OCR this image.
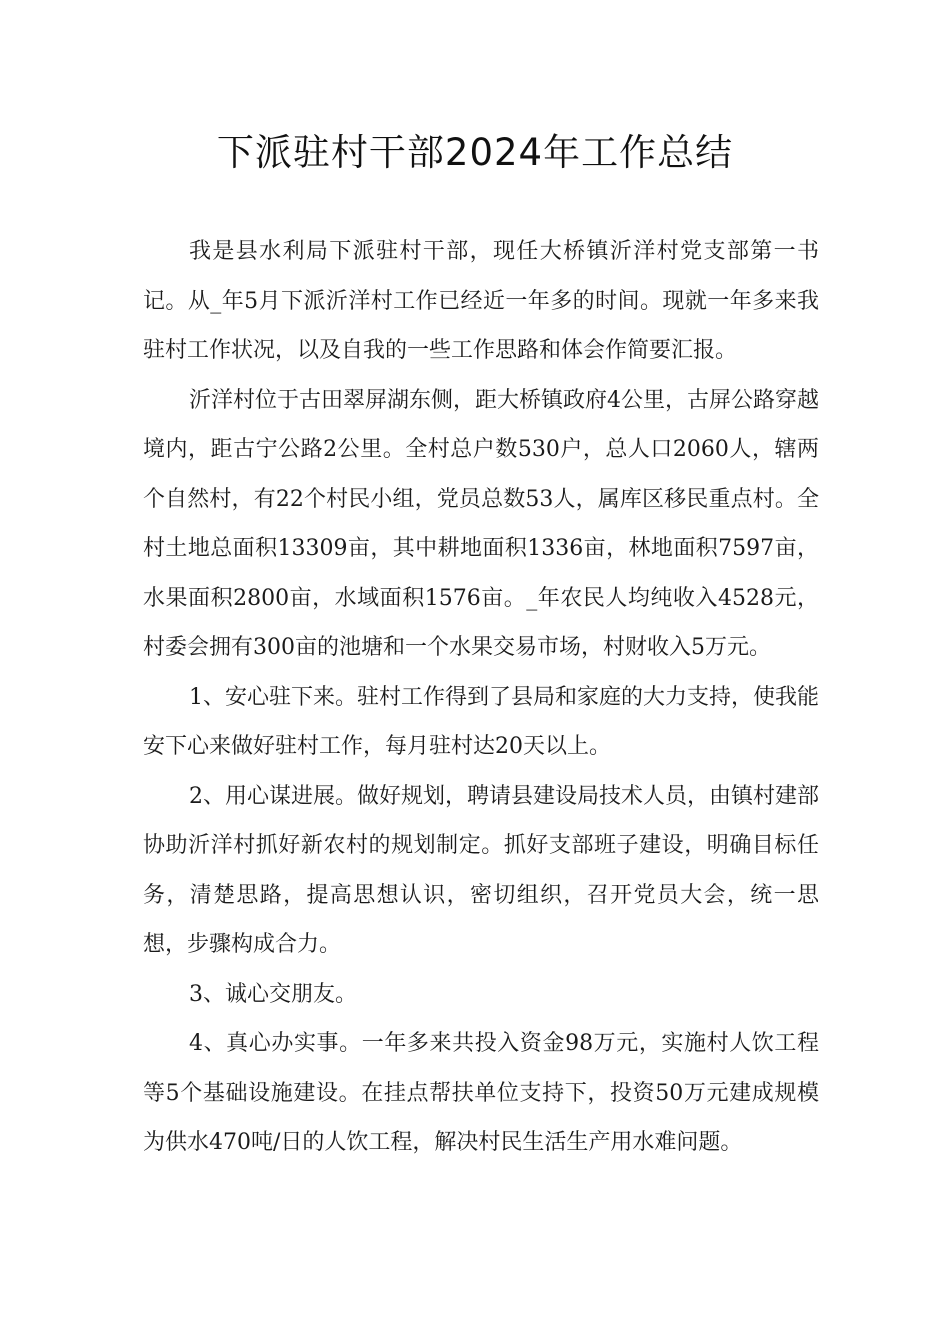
下派驻村干部2024年工作总结

我是县水利局下派驻村干部，现任大桥镇沂洋村党支部第一书记。从_年5月下派沂洋村工作已经近一年多的时间。现就一年多来我驻村工作状况，以及自我的一些工作思路和体会作简要汇报。

沂洋村位于古田翠屏湖东侧，距大桥镇政府4公里，古屏公路穿越境内，距古宁公路2公里。全村总户数530户，总人口2060人，辖两个自然村，有22个村民小组，党员总数53人，属库区移民重点村。全村土地总面积13309亩，其中耕地面积1336亩，林地面积7597亩，水果面积2800亩，水域面积1576亩。_年农民人均纯收入4528元，村委会拥有300亩的池塘和一个水果交易市场，村财收入5万元。

1、安心驻下来。驻村工作得到了县局和家庭的大力支持，使我能安下心来做好驻村工作，每月驻村达20天以上。

2、用心谋进展。做好规划，聘请县建设局技术人员，由镇村建部协助沂洋村抓好新农村的规划制定。抓好支部班子建设，明确目标任务，清楚思路，提高思想认识，密切组织，召开党员大会，统一思想，步骤构成合力。

3、诚心交朋友。

4、真心办实事。一年多来共投入资金98万元，实施村人饮工程等5个基础设施建设。在挂点帮扶单位支持下，投资50万元建成规模为供水470吨/日的人饮工程，解决村民生活生产用水难问题。
